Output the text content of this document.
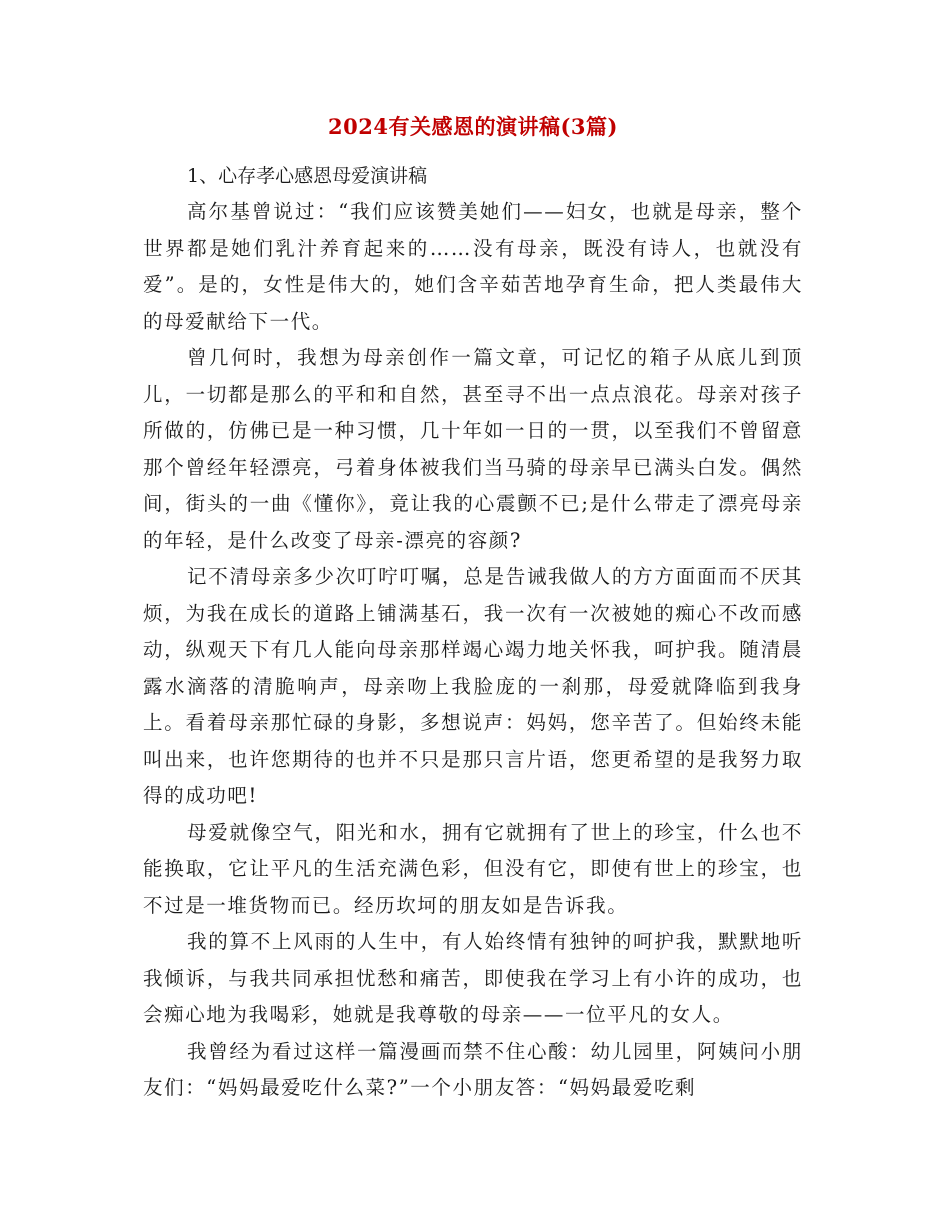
2024有关感恩的演讲稿(3篇)

1、心存孝心感恩母爱演讲稿

高尔基曾说过：“我们应该赞美她们——妇女，也就是母亲，整个世界都是她们乳汁养育起来的……没有母亲，既没有诗人，也就没有爱”。是的，女性是伟大的，她们含辛茹苦地孕育生命，把人类最伟大的母爱献给下一代。

曾几何时，我想为母亲创作一篇文章，可记忆的箱子从底儿到顶儿，一切都是那么的平和和自然，甚至寻不出一点点浪花。母亲对孩子所做的，仿佛已是一种习惯，几十年如一日的一贯，以至我们不曾留意那个曾经年轻漂亮，弓着身体被我们当马骑的母亲早已满头白发。偶然间，街头的一曲《懂你》，竟让我的心震颤不已;是什么带走了漂亮母亲的年轻，是什么改变了母亲-漂亮的容颜?

记不清母亲多少次叮咛叮嘱，总是告诫我做人的方方面面而不厌其烦，为我在成长的道路上铺满基石，我一次有一次被她的痴心不改而感动，纵观天下有几人能向母亲那样竭心竭力地关怀我，呵护我。随清晨露水滴落的清脆响声，母亲吻上我脸庞的一刹那，母爱就降临到我身上。看着母亲那忙碌的身影，多想说声：妈妈，您辛苦了。但始终未能叫出来，也许您期待的也并不只是那只言片语，您更希望的是我努力取得的成功吧!

母爱就像空气，阳光和水，拥有它就拥有了世上的珍宝，什么也不能换取，它让平凡的生活充满色彩，但没有它，即使有世上的珍宝，也不过是一堆货物而已。经历坎坷的朋友如是告诉我。

我的算不上风雨的人生中，有人始终情有独钟的呵护我，默默地听我倾诉，与我共同承担忧愁和痛苦，即使我在学习上有小许的成功，也会痴心地为我喝彩，她就是我尊敬的母亲——一位平凡的女人。

我曾经为看过这样一篇漫画而禁不住心酸：幼儿园里，阿姨问小朋友们：“妈妈最爱吃什么菜?”一个小朋友答：“妈妈最爱吃剩
